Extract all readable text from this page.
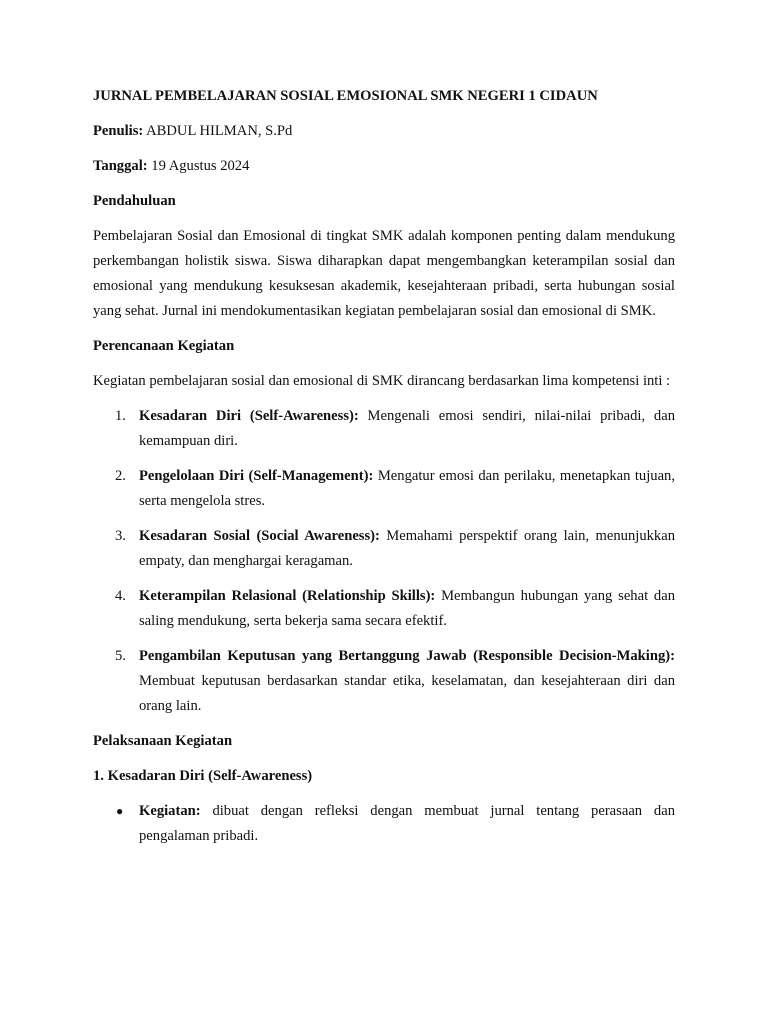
JURNAL PEMBELAJARAN SOSIAL EMOSIONAL SMK NEGERI 1 CIDAUN

Penulis: ABDUL HILMAN, S.Pd

Tanggal: 19 Agustus 2024

Pendahuluan

Pembelajaran Sosial dan Emosional di tingkat SMK adalah komponen penting dalam mendukung perkembangan holistik siswa. Siswa diharapkan dapat mengembangkan keterampilan sosial dan emosional yang mendukung kesuksesan akademik, kesejahteraan pribadi, serta hubungan sosial yang sehat. Jurnal ini mendokumentasikan kegiatan pembelajaran sosial dan emosional di SMK.

Perencanaan Kegiatan

Kegiatan pembelajaran sosial dan emosional di SMK dirancang berdasarkan lima kompetensi inti :

1. Kesadaran Diri (Self-Awareness): Mengenali emosi sendiri, nilai-nilai pribadi, dan kemampuan diri.
2. Pengelolaan Diri (Self-Management): Mengatur emosi dan perilaku, menetapkan tujuan, serta mengelola stres.
3. Kesadaran Sosial (Social Awareness): Memahami perspektif orang lain, menunjukkan empaty, dan menghargai keragaman.
4. Keterampilan Relasional (Relationship Skills): Membangun hubungan yang sehat dan saling mendukung, serta bekerja sama secara efektif.
5. Pengambilan Keputusan yang Bertanggung Jawab (Responsible Decision-Making): Membuat keputusan berdasarkan standar etika, keselamatan, dan kesejahteraan diri dan orang lain.

Pelaksanaan Kegiatan

1. Kesadaran Diri (Self-Awareness)

● Kegiatan: dibuat dengan refleksi dengan membuat jurnal tentang perasaan dan pengalaman pribadi.
